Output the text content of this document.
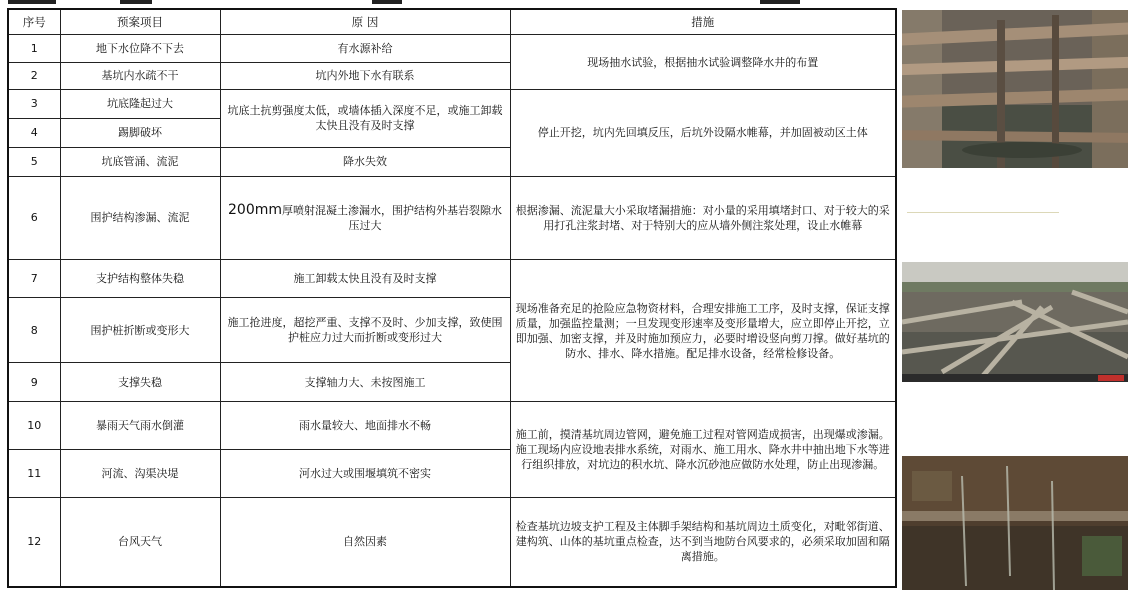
序号	预案项目	原 因	措施
1	地下水位降不下去	有水源补给	现场抽水试验，根据抽水试验调整降水井的布置
2	基坑内水疏不干	坑内外地下水有联系	
3	坑底隆起过大	坑底土抗剪强度太低，或墙体插入深度不足，或施工卸载太快且没有及时支撑	停止开挖，坑内先回填反压，后坑外设隔水帷幕，并加固被动区土体
4	踢脚破坏		
5	坑底管涌、流泥	降水失效	
6	围护结构渗漏、流泥	200mm厚喷射混凝土渗漏水，围护结构外基岩裂隙水压过大	根据渗漏、流泥量大小采取堵漏措施：对小量的采用填堵封口、对于较大的采用打孔注浆封堵、对于特别大的应从墙外侧注浆处理，设止水帷幕
7	支护结构整体失稳	施工卸载太快且没有及时支撑	现场准备充足的抢险应急物资材料，合理安排施工工序，及时支撑，保证支撑质量，加强监控量测；一旦发现变形速率及变形量增大，应立即停止开挖，立即加强、加密支撑，并及时施加预应力，必要时增设竖向剪刀撑。做好基坑的防水、排水、降水措施。配足排水设备，经常检修设备。
8	围护桩折断或变形大	施工抢进度，超挖严重、支撑不及时、少加支撑，致使围护桩应力过大而折断或变形过大	
9	支撑失稳	支撑轴力大、未按图施工	
10	暴雨天气雨水倒灌	雨水量较大、地面排水不畅	施工前，摸清基坑周边管网，避免施工过程对管网造成损害，出现爆或渗漏。施工现场内应设地表排水系统，对雨水、施工用水、降水井中抽出地下水等进行组织排放，对坑边的积水坑、降水沉砂池应做防水处理，防止出现渗漏。
11	河流、沟渠决堤	河水过大或围堰填筑不密实	
12	台风天气	自然因素	检查基坑边坡支护工程及主体脚手架结构和基坑周边土质变化，对毗邻街道、建构筑、山体的基坑重点检查，达不到当地防台风要求的，必须采取加固和隔离措施。
